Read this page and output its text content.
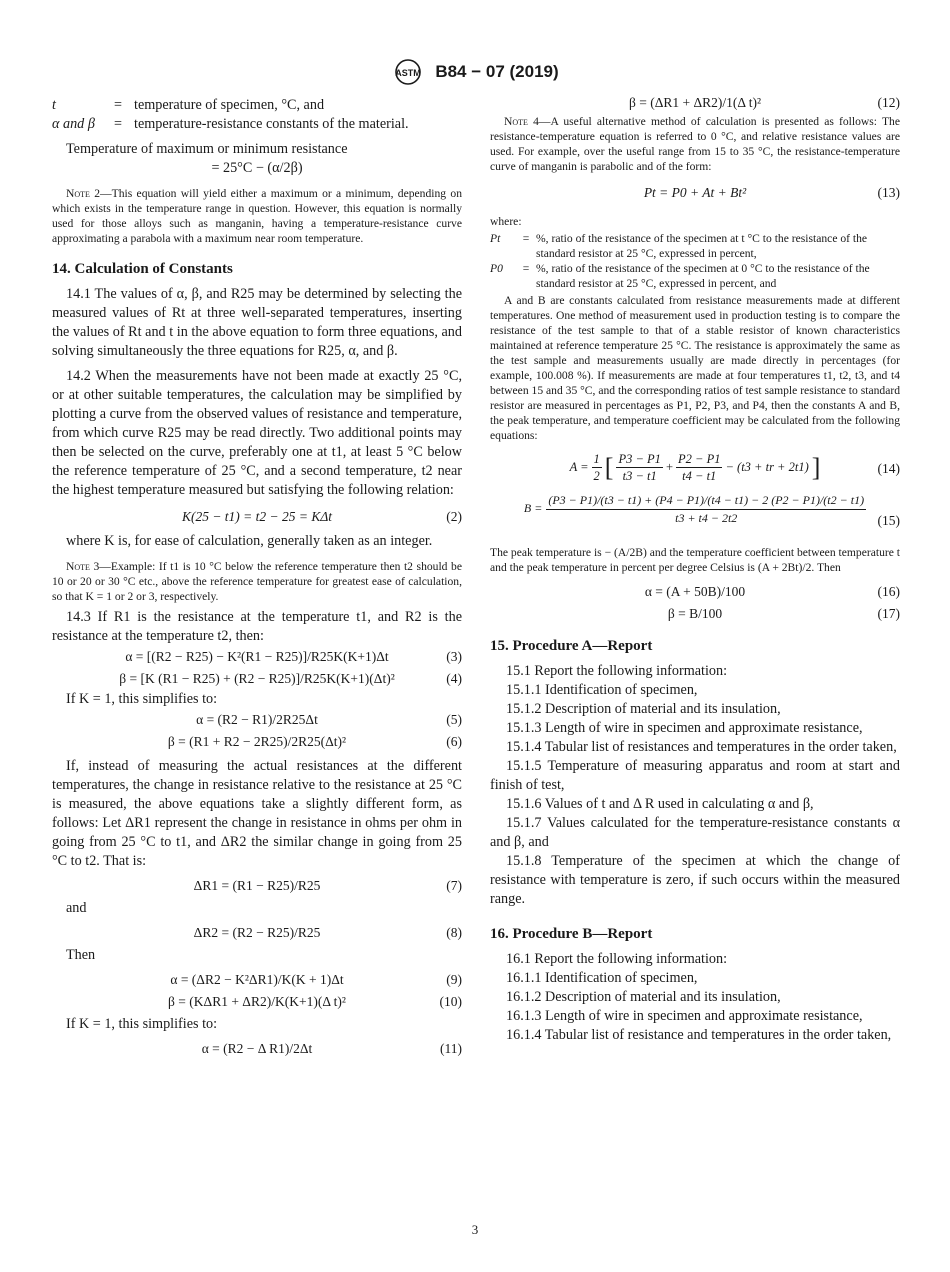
ASTM B84 − 07 (2019)
t	= temperature of specimen, °C, and
α and β	= temperature-resistance constants of the material.

Temperature of maximum or minimum resistance

= 25°C − (α/2β)

Note 2—This equation will yield either a maximum or a minimum, depending on which exists in the temperature range in question. However, this equation is normally used for those alloys such as manganin, having a temperature-resistance curve approximating a parabola with a maximum near room temperature.

14. Calculation of Constants

14.1 The values of α, β, and R25 may be determined by selecting the measured values of Rt at three well-separated temperatures, inserting the values of Rt and t in the above equation to form three equations, and solving simultaneously the three equations for R25, α, and β.

14.2 When the measurements have not been made at exactly 25 °C, or at other suitable temperatures, the calculation may be simplified by plotting a curve from the observed values of resistance and temperature, from which curve R25 may be read directly. Two additional points may then be selected on the curve, preferably one at t1, at least 5 °C below the reference temperature of 25 °C, and a second temperature, t2 near the highest temperature measured but satisfying the following relation:

K(25 − t1) = t2 − 25 = KΔt	(2)

where K is, for ease of calculation, generally taken as an integer.

Note 3—Example: If t1 is 10 °C below the reference temperature then t2 should be 10 or 20 or 30 °C etc., above the reference temperature for greatest ease of calculation, so that K = 1 or 2 or 3, respectively.

14.3 If R1 is the resistance at the temperature t1, and R2 is the resistance at the temperature t2, then:

α = [(R2 − R25) − K²(R1 − R25)]/R25K(K+1)Δt	(3)
β = [K (R1 − R25) + (R2 − R25)]/R25K(K+1)(Δt)²	(4)

If K = 1, this simplifies to:

α = (R2 − R1)/2R25Δt	(5)
β = (R1 + R2 − 2R25)/2R25(Δt)²	(6)

If, instead of measuring the actual resistances at the different temperatures, the change in resistance relative to the resistance at 25 °C is measured, the above equations take a slightly different form, as follows: Let ΔR1 represent the change in resistance in ohms per ohm in going from 25 °C to t1, and ΔR2 the similar change in going from 25 °C to t2. That is:

ΔR1 = (R1 − R25)/R25	(7)

and

ΔR2 = (R2 − R25)/R25	(8)

Then

α = (ΔR2 − K²ΔR1)/K(K + 1)Δt	(9)
β = (KΔR1 + ΔR2)/K(K+1)(Δ t)²	(10)

If K = 1, this simplifies to:

α = (R2 − Δ R1)/2Δt	(11)
β = (ΔR1 + ΔR2)/1(Δ t)²	(12)

Note 4—A useful alternative method of calculation is presented as follows: The resistance-temperature equation is referred to 0 °C, and relative resistance values are used. For example, over the useful range from 15 to 35 °C, the resistance-temperature curve of manganin is parabolic and of the form:

Pt = P0 + At + Bt²	(13)

where:

Pt	= %, ratio of the resistance of the specimen at t °C to the resistance of the standard resistor at 25 °C, expressed in percent,
P0	= %, ratio of the resistance of the specimen at 0 °C to the resistance of the standard resistor at 25 °C, expressed in percent, and

A and B are constants calculated from resistance measurements made at different temperatures. One method of measurement used in production testing is to compare the resistance of the test sample to that of a stable resistor of known characteristics maintained at reference temperature 25 °C. The resistance is approximately the same as the test sample and measurements usually are made directly in percentages (for example, 100.008 %). If measurements are made at four temperatures t1, t2, t3, and t4 between 15 and 35 °C, and the corresponding ratios of test sample resistance to standard resistor are measured in percentages as P1, P2, P3, and P4, then the constants A and B, the peak temperature, and temperature coefficient may be calculated from the following equations:

(14)
$A = \frac{1}{2}$ [ $\frac{P3 - P1}{t3 - t1} + \frac{P2 - P1}{t4 - t1} - (t3$ + tr + 2t1) ]
(15)
B =
(P3 − P1)/(t3 − t1) + (P4 − P1)/(t4 − t1) − 2 (P2 − P1)/(t2 − t1)
t3 + t4 − 2t2

The peak temperature is − (A/2B) and the temperature coefficient between temperature t and the peak temperature in percent per degree Celsius is (A + 2Bt)/2. Then

α = (A + 50B)/100	(16)
β = B/100	(17)

15. Procedure A—Report

15.1 Report the following information:

15.1.1 Identification of specimen,

15.1.2 Description of material and its insulation,

15.1.3 Length of wire in specimen and approximate resistance,

15.1.4 Tabular list of resistances and temperatures in the order taken,

15.1.5 Temperature of measuring apparatus and room at start and finish of test,

15.1.6 Values of t and Δ R used in calculating α and β,

15.1.7 Values calculated for the temperature-resistance constants α and β, and

15.1.8 Temperature of the specimen at which the change of resistance with temperature is zero, if such occurs within the measured range.

16. Procedure B—Report

16.1 Report the following information:

16.1.1 Identification of specimen,

16.1.2 Description of material and its insulation,

16.1.3 Length of wire in specimen and approximate resistance,

16.1.4 Tabular list of resistance and temperatures in the order taken,

3
